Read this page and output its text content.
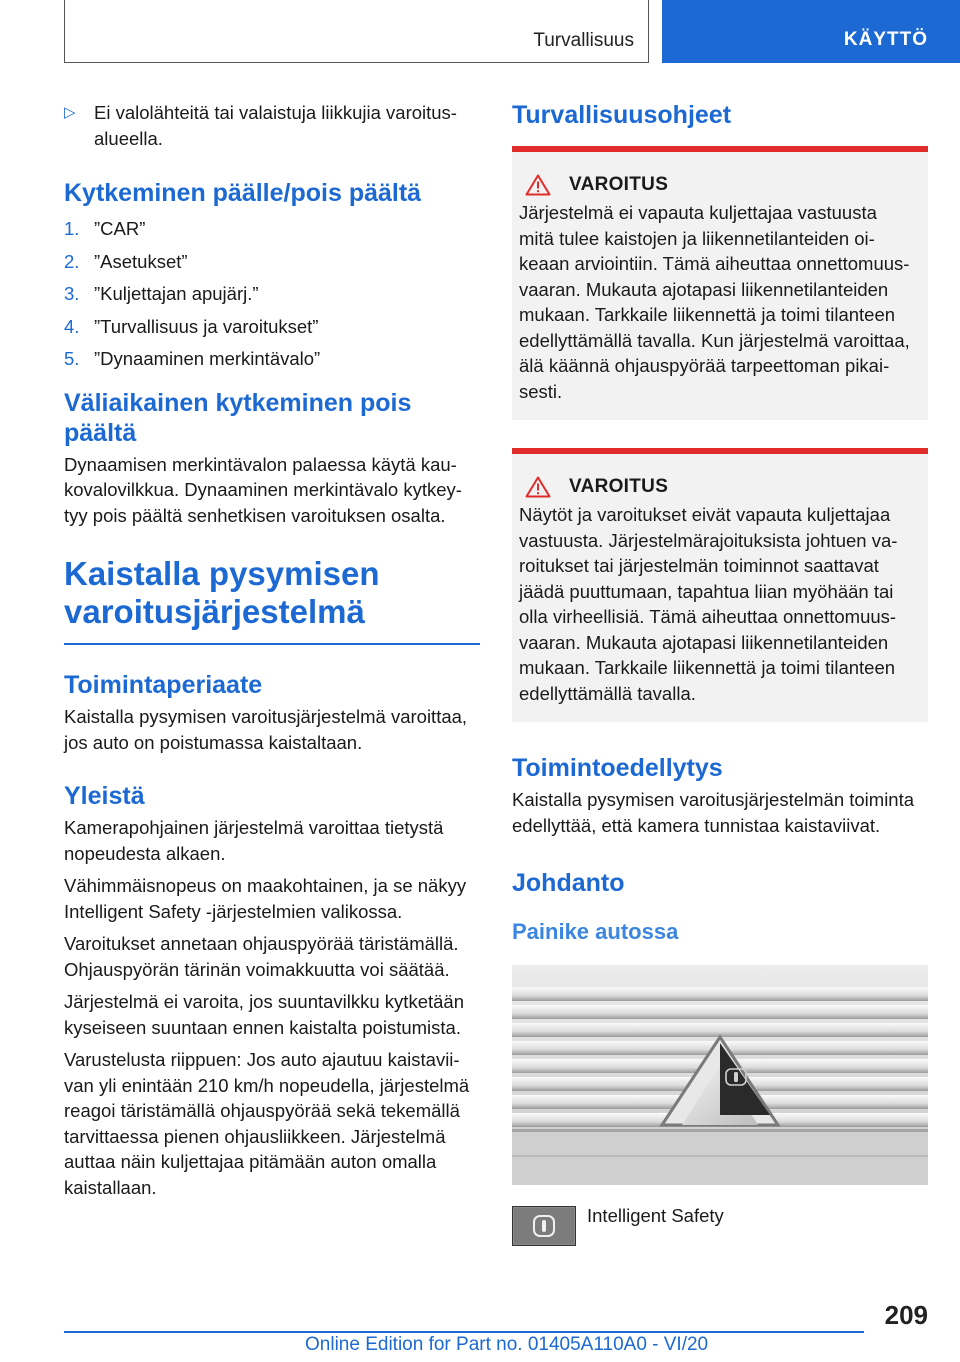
Turvallisuus	KÄYTTÖ
▷ Ei valolähteitä tai valaistuja liikkujia varoitus-

alueella.

Kytkeminen päälle/pois päältä
1. ”CAR”
2. ”Asetukset”
3. ”Kuljettajan apujärj.”
4. ”Turvallisuus ja varoitukset”
5. ”Dynaaminen merkintävalo”
Väliaikainen kytkeminen pois
päältä

Dynaamisen merkintävalon palaessa käytä kau-

kovalovilkkua. Dynaaminen merkintävalo kytkey-

tyy pois päältä senhetkisen varoituksen osalta.

Kaistalla pysymisen
varoitusjärjestelmä
Toimintaperiaate

Kaistalla pysymisen varoitusjärjestelmä varoittaa,

jos auto on poistumassa kaistaltaan.

Yleistä

Kamerapohjainen järjestelmä varoittaa tietystä

nopeudesta alkaen.

Vähimmäisnopeus on maakohtainen, ja se näkyy

Intelligent Safety -järjestelmien valikossa.

Varoitukset annetaan ohjauspyörää täristämällä.

Ohjauspyörän tärinän voimakkuutta voi säätää.

Järjestelmä ei varoita, jos suuntavilkku kytketään

kyseiseen suuntaan ennen kaistalta poistumista.

Varustelusta riippuen: Jos auto ajautuu kaistavii-

van yli enintään 210 km/h nopeudella, järjestelmä

reagoi täristämällä ohjauspyörää sekä tekemällä

tarvittaessa pienen ohjausliikkeen. Järjestelmä

auttaa näin kuljettajaa pitämään auton omalla

kaistallaan.

Turvallisuusohjeet
VAROITUS

Järjestelmä ei vapauta kuljettajaa vastuusta

mitä tulee kaistojen ja liikennetilanteiden oi-

keaan arviointiin. Tämä aiheuttaa onnettomuus-

vaaran. Mukauta ajotapasi liikennetilanteiden

mukaan. Tarkkaile liikennettä ja toimi tilanteen

edellyttämällä tavalla. Kun järjestelmä varoittaa,

älä käännä ohjauspyörää tarpeettoman pikai-

sesti.

VAROITUS

Näytöt ja varoitukset eivät vapauta kuljettajaa

vastuusta. Järjestelmärajoituksista johtuen va-

roitukset tai järjestelmän toiminnot saattavat

jäädä puuttumaan, tapahtua liian myöhään tai

olla virheellisiä. Tämä aiheuttaa onnettomuus-

vaaran. Mukauta ajotapasi liikennetilanteiden

mukaan. Tarkkaile liikennettä ja toimi tilanteen

edellyttämällä tavalla.

Toimintoedellytys

Kaistalla pysymisen varoitusjärjestelmän toiminta

edellyttää, että kamera tunnistaa kaistaviivat.

Johdanto
Painike autossa

Intelligent Safety

209
Online Edition for Part no. 01405A110A0 - VI/20
